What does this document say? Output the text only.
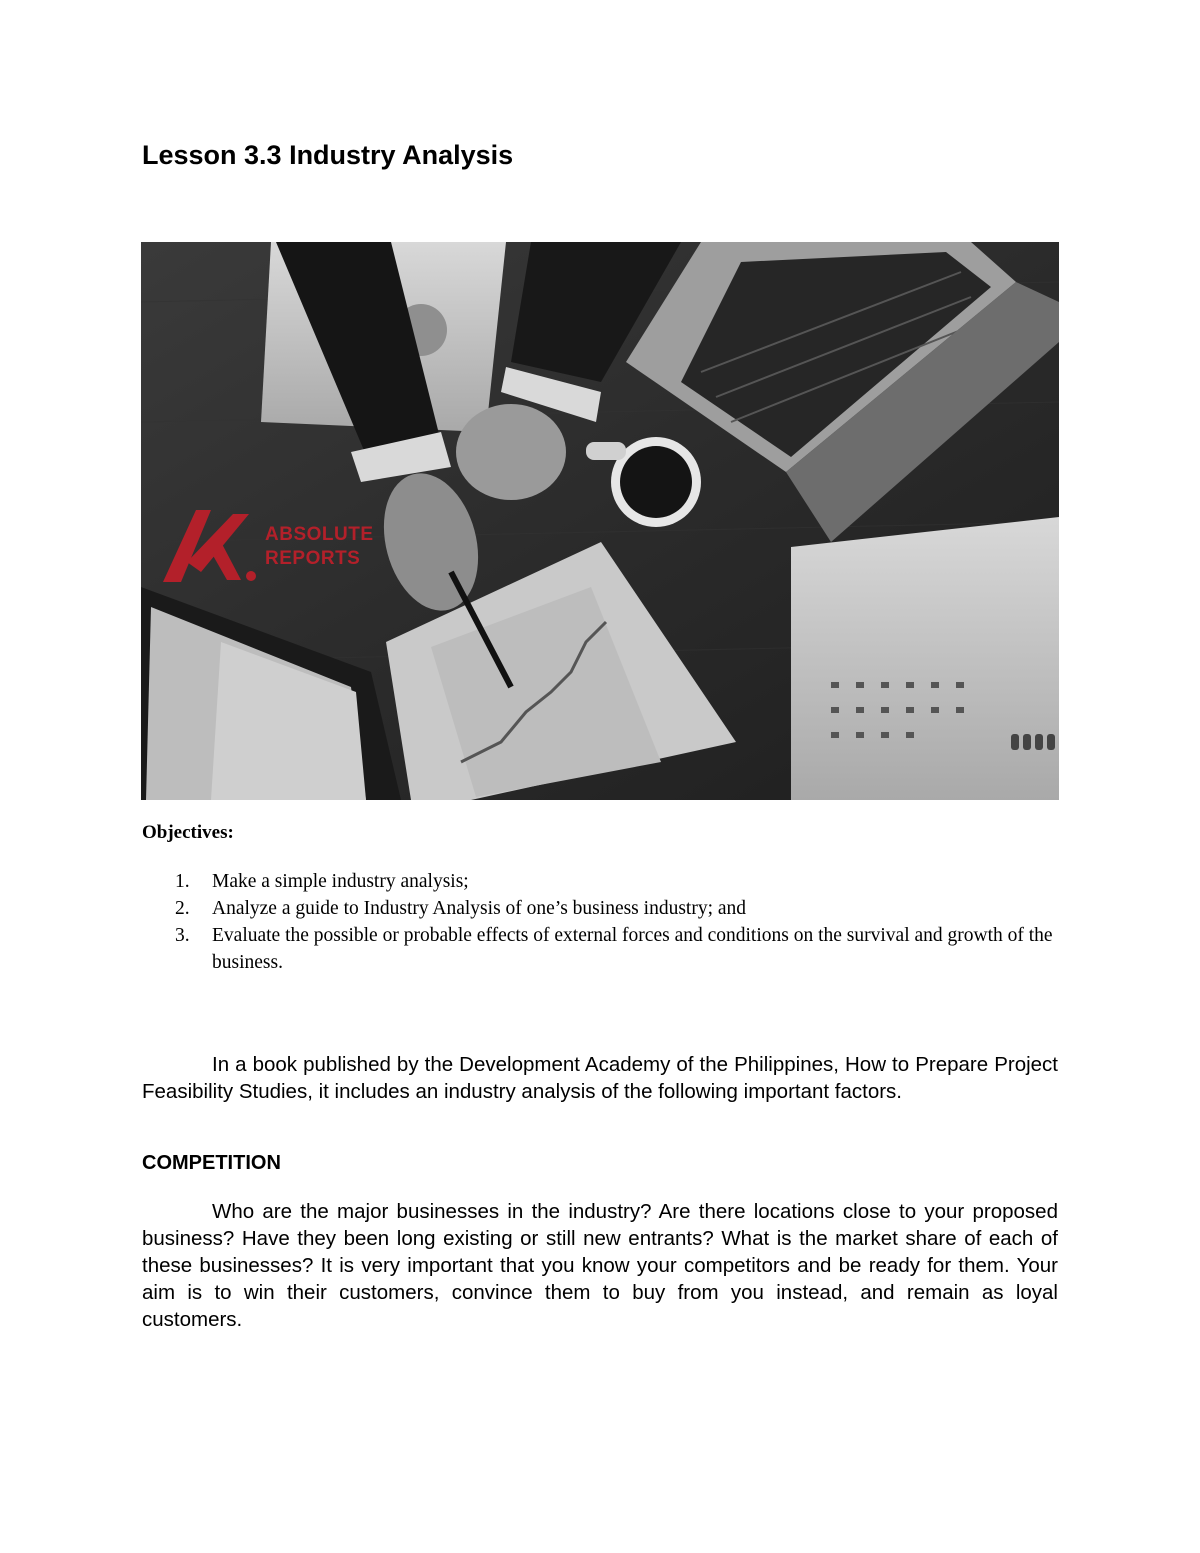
Lesson 3.3 Industry Analysis
ABSOLUTE
REPORTS
Objectives:
1. Make a simple industry analysis;
2. Analyze a guide to Industry Analysis of one’s business industry; and
3. Evaluate the possible or probable effects of external forces and conditions on the survival and growth of the business.

In a book published by the Development Academy of the Philippines, How to Prepare Project Feasibility Studies, it includes an industry analysis of the following important factors.

COMPETITION

Who are the major businesses in the industry? Are there locations close to your proposed business? Have they been long existing or still new entrants? What is the market share of each of these businesses? It is very important that you know your competitors and be ready for them. Your aim is to win their customers, convince them to buy from you instead, and remain as loyal customers.
